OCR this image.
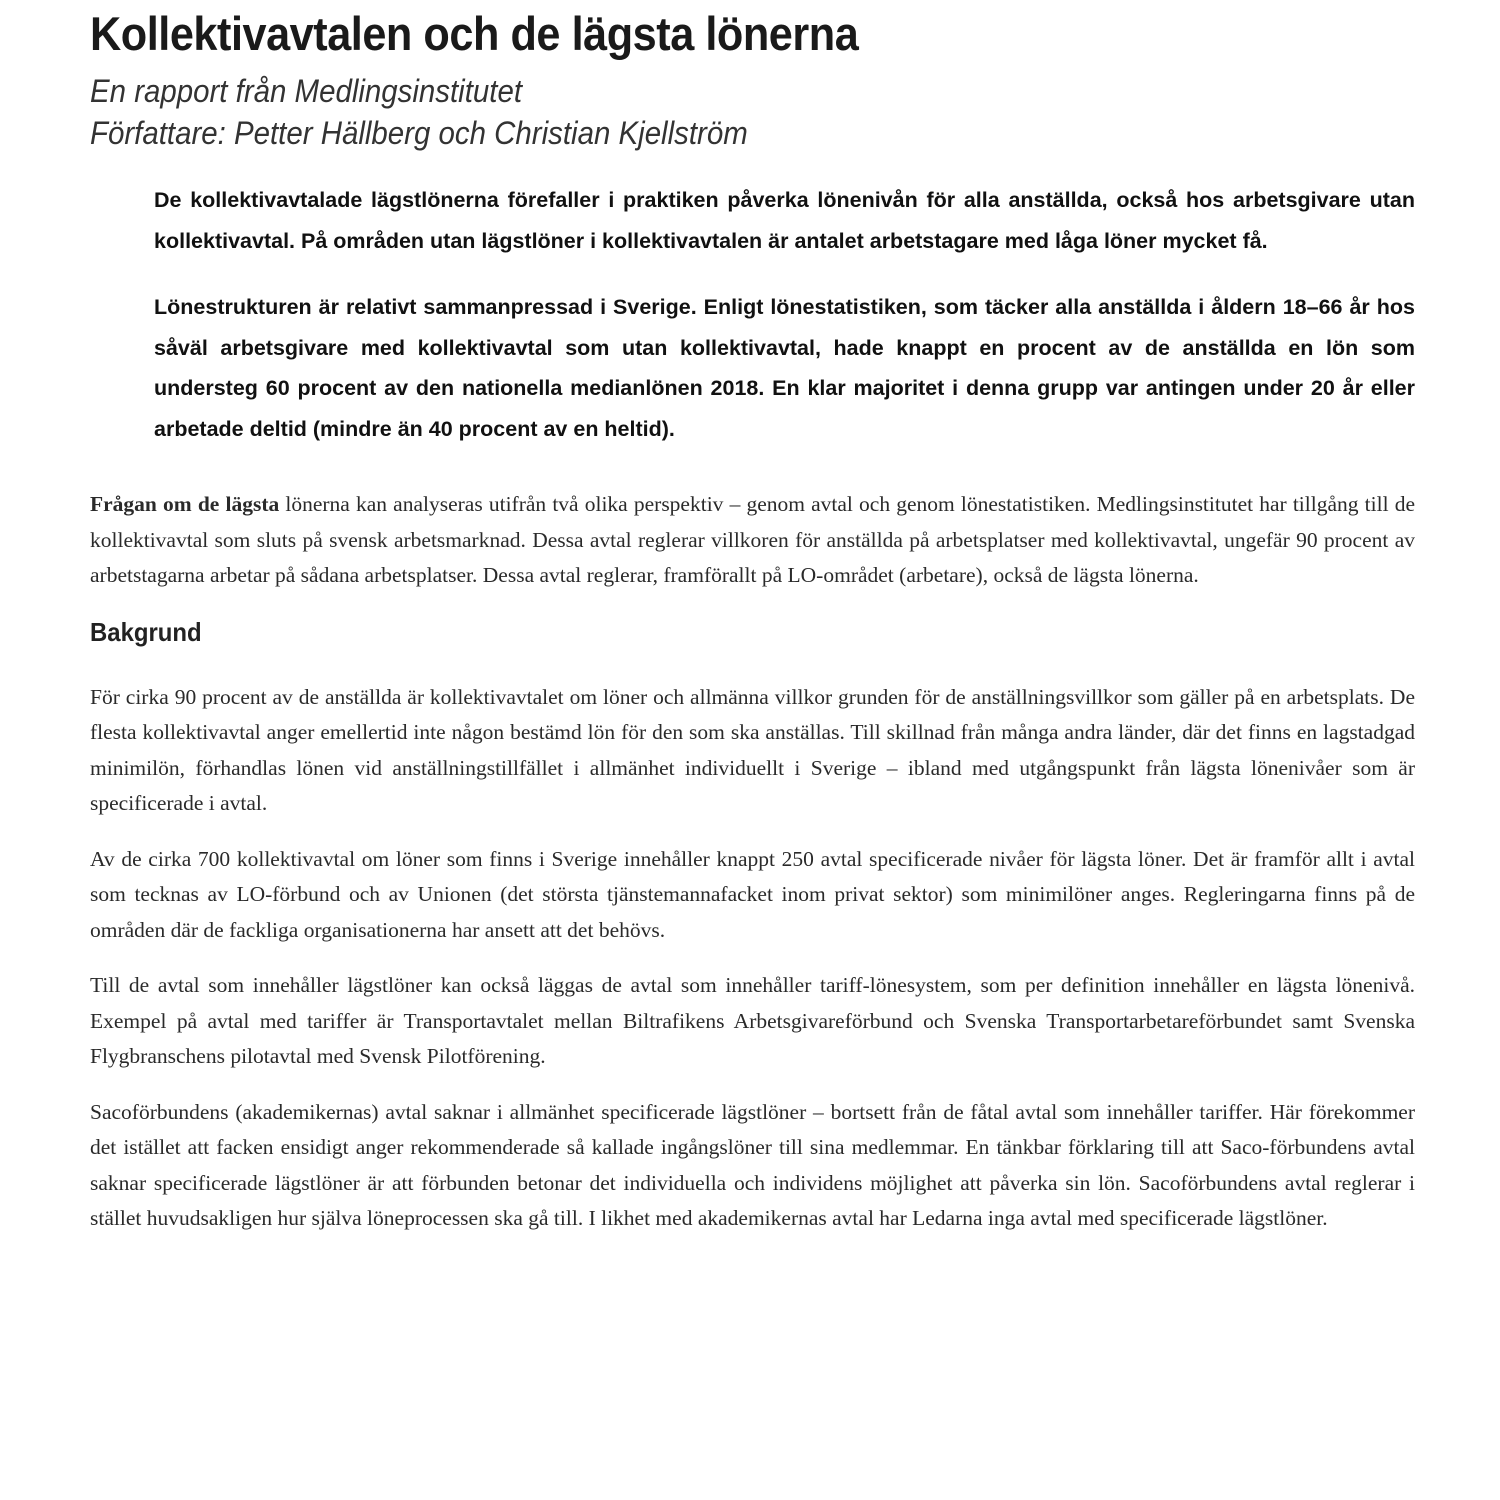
Kollektivavtalen och de lägsta lönerna
En rapport från Medlingsinstitutet
Författare: Petter Hällberg och Christian Kjellström

De kollektivavtalade lägstlönerna förefaller i praktiken påverka lönenivån för alla anställda, också hos arbetsgivare utan kollektivavtal. På områden utan lägstlöner i kollektivavtalen är antalet arbetstagare med låga löner mycket få.

Lönestrukturen är relativt sammanpressad i Sverige. Enligt lönestatistiken, som täcker alla anställda i åldern 18–66 år hos såväl arbetsgivare med kollektivavtal som utan kollektivavtal, hade knappt en procent av de anställda en lön som understeg 60 procent av den nationella medianlönen 2018. En klar majoritet i denna grupp var antingen under 20 år eller arbetade deltid (mindre än 40 procent av en heltid).

Frågan om de lägsta lönerna kan analyseras utifrån två olika perspektiv – genom avtal och genom lönestatistiken. Medlingsinstitutet har tillgång till de kollektivavtal som sluts på svensk arbetsmarknad. Dessa avtal reglerar villkoren för anställda på arbetsplatser med kollektivavtal, ungefär 90 procent av arbetstagarna arbetar på sådana arbetsplatser. Dessa avtal reglerar, framförallt på LO-området (arbetare), också de lägsta lönerna.

Bakgrund

För cirka 90 procent av de anställda är kollektivavtalet om löner och allmänna villkor grunden för de anställningsvillkor som gäller på en arbetsplats. De flesta kollektivavtal anger emellertid inte någon bestämd lön för den som ska anställas. Till skillnad från många andra länder, där det finns en lagstadgad minimilön, förhandlas lönen vid anställningstillfället i allmänhet individuellt i Sverige – ibland med utgångspunkt från lägsta lönenivåer som är specificerade i avtal.

Av de cirka 700 kollektivavtal om löner som finns i Sverige innehåller knappt 250 avtal specificerade nivåer för lägsta löner. Det är framför allt i avtal som tecknas av LO-förbund och av Unionen (det största tjänstemannafacket inom privat sektor) som minimilöner anges. Regleringarna finns på de områden där de fackliga organisationerna har ansett att det behövs.

Till de avtal som innehåller lägstlöner kan också läggas de avtal som innehåller tariff-lönesystem, som per definition innehåller en lägsta lönenivå. Exempel på avtal med tariffer är Transportavtalet mellan Biltrafikens Arbetsgivareförbund och Svenska Transportarbetareförbundet samt Svenska Flygbranschens pilotavtal med Svensk Pilotförening.

Sacoförbundens (akademikernas) avtal saknar i allmänhet specificerade lägstlöner – bortsett från de fåtal avtal som innehåller tariffer. Här förekommer det istället att facken ensidigt anger rekommenderade så kallade ingångslöner till sina medlemmar. En tänkbar förklaring till att Saco-förbundens avtal saknar specificerade lägstlöner är att förbunden betonar det individuella och individens möjlighet att påverka sin lön. Sacoförbundens avtal reglerar i stället huvudsakligen hur själva löneprocessen ska gå till. I likhet med akademikernas avtal har Ledarna inga avtal med specificerade lägstlöner.
